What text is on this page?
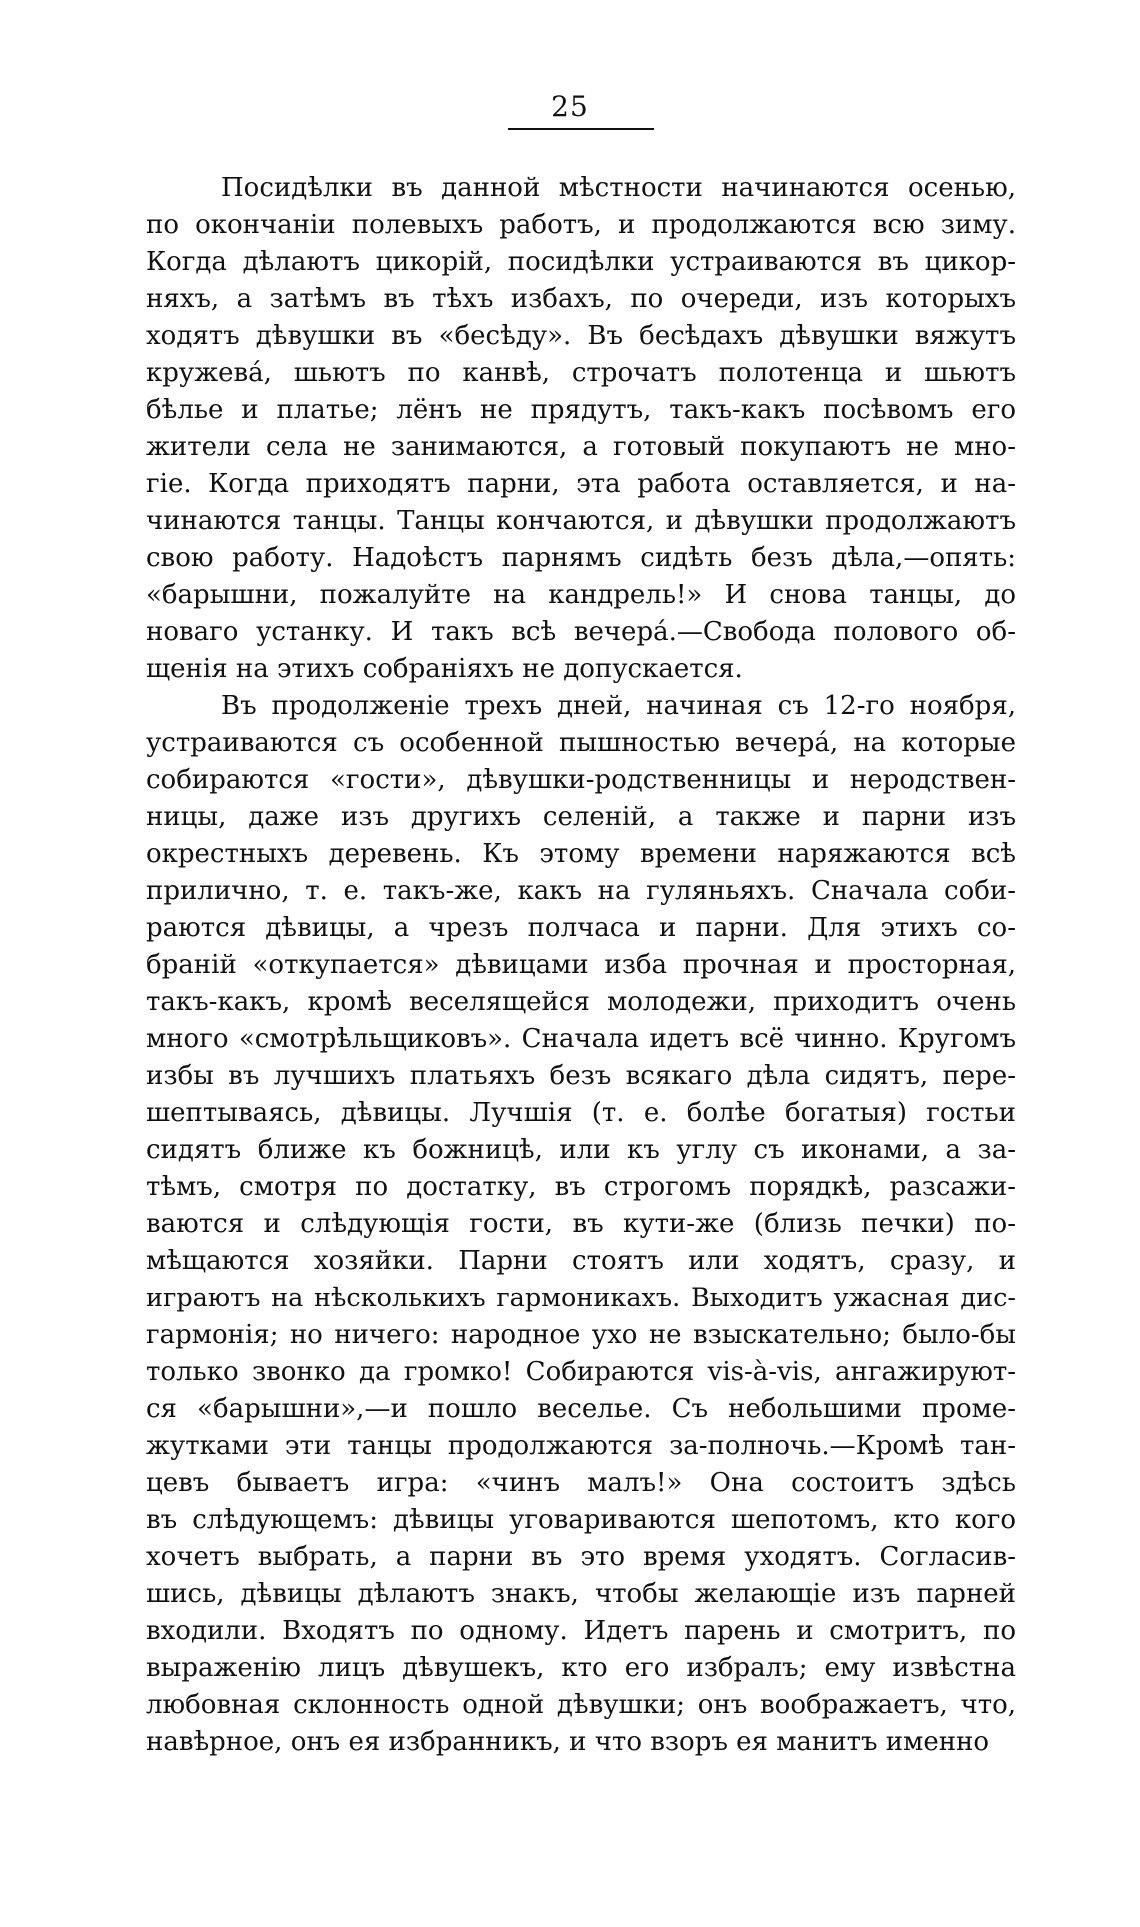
25
Посидѣлки въ данной мѣстности начинаются осенью,
по окончаніи полевыхъ работъ, и продолжаются всю зиму.
Когда дѣлаютъ цикорій, посидѣлки устраиваются въ цикор-
няхъ, а затѣмъ въ тѣхъ избахъ, по очереди, изъ которыхъ
ходятъ дѣвушки въ «бесѣду». Въ бесѣдахъ дѣвушки вяжутъ
кружевá, шьютъ по канвѣ, строчатъ полотенца и шьютъ
бѣлье и платье; лёнъ не прядутъ, такъ-какъ посѣвомъ его
жители села не занимаются, а готовый покупаютъ не мно-
гіе. Когда приходятъ парни, эта работа оставляется, и на-
чинаются танцы. Танцы кончаются, и дѣвушки продолжаютъ
свою работу. Надоѣстъ парнямъ сидѣть безъ дѣла,—опять:
«барышни, пожалуйте на кандрель!» И снова танцы, до
новаго устанку. И такъ всѣ вечерá.—Свобода полового об-
щенія на этихъ собраніяхъ не допускается.
Въ продолженіе трехъ дней, начиная съ 12-го ноября,
устраиваются съ особенной пышностью вечерá, на которые
собираются «гости», дѣвушки-родственницы и неродствен-
ницы, даже изъ другихъ селеній, а также и парни изъ
окрестныхъ деревень. Къ этому времени наряжаются всѣ
прилично, т. е. такъ-же, какъ на гуляньяхъ. Сначала соби-
раются дѣвицы, а чрезъ полчаса и парни. Для этихъ со-
браній «откупается» дѣвицами изба прочная и просторная,
такъ-какъ, кромѣ веселящейся молодежи, приходитъ очень
много «смотрѣльщиковъ». Сначала идетъ всё чинно. Кругомъ
избы въ лучшихъ платьяхъ безъ всякаго дѣла сидятъ, пере-
шептываясь, дѣвицы. Лучшія (т. е. болѣе богатыя) гостьи
сидятъ ближе къ божницѣ, или къ углу съ иконами, а за-
тѣмъ, смотря по достатку, въ строгомъ порядкѣ, разсажи-
ваются и слѣдующія гости, въ кути-же (близь печки) по-
мѣщаются хозяйки. Парни стоятъ или ходятъ, сразу, и
играютъ на нѣсколькихъ гармоникахъ. Выходитъ ужасная дис-
гармонія; но ничего: народное ухо не взыскательно; было-бы
только звонко да громко! Собираются vis-à-vis, ангажируют-
ся «барышни»,—и пошло веселье. Съ небольшими проме-
жутками эти танцы продолжаются за-полночь.—Кромѣ тан-
цевъ бываетъ игра: «чинъ малъ!» Она состоитъ здѣсь
въ слѣдующемъ: дѣвицы уговариваются шепотомъ, кто кого
хочетъ выбрать, а парни въ это время уходятъ. Согласив-
шись, дѣвицы дѣлаютъ знакъ, чтобы желающіе изъ парней
входили. Входятъ по одному. Идетъ парень и смотритъ, по
выраженію лицъ дѣвушекъ, кто его избралъ; ему извѣстна
любовная склонность одной дѣвушки; онъ воображаетъ, что,
навѣрное, онъ ея избранникъ, и что взоръ ея манитъ именно
